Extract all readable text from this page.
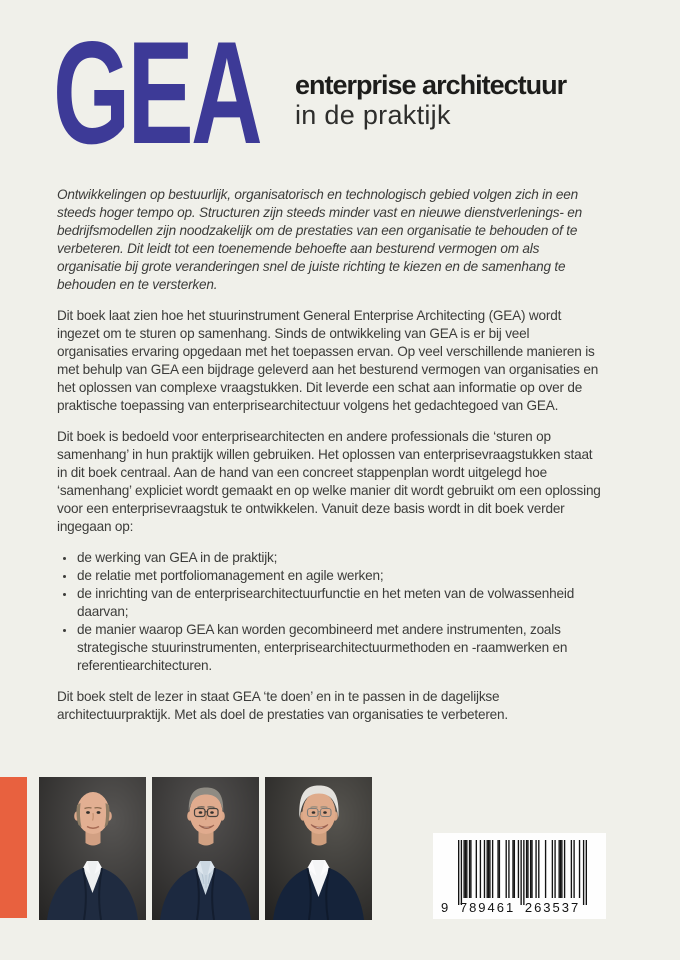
GEA enterprise architectuur
in de praktijk

Ontwikkelingen op bestuurlijk, organisatorisch en technologisch gebied volgen zich in een steeds hoger tempo op. Structuren zijn steeds minder vast en nieuwe dienstverlenings- en bedrijfsmodellen zijn noodzakelijk om de prestaties van een organisatie te behouden of te verbeteren. Dit leidt tot een toenemende behoefte aan besturend vermogen om als organisatie bij grote veranderingen snel de juiste richting te kiezen en de samenhang te behouden en te versterken.

Dit boek laat zien hoe het stuurinstrument General Enterprise Architecting (GEA) wordt ingezet om te sturen op samenhang. Sinds de ontwikkeling van GEA is er bij veel organisaties ervaring opgedaan met het toepassen ervan. Op veel verschillende manieren is met behulp van GEA een bijdrage geleverd aan het besturend vermogen van organisaties en het oplossen van complexe vraagstukken. Dit leverde een schat aan informatie op over de praktische toepassing van enterprisearchitectuur volgens het gedachtegoed van GEA.

Dit boek is bedoeld voor enterprisearchitecten en andere professionals die ‘sturen op samenhang’ in hun praktijk willen gebruiken. Het oplossen van enterprisevraagstukken staat in dit boek centraal. Aan de hand van een concreet stappenplan wordt uitgelegd hoe ‘samenhang’ expliciet wordt gemaakt en op welke manier dit wordt gebruikt om een oplossing voor een enterprisevraagstuk te ontwikkelen. Vanuit deze basis wordt in dit boek verder ingegaan op:

de werking van GEA in de praktijk;
de relatie met portfoliomanagement en agile werken;
de inrichting van de enterprisearchitectuurfunctie en het meten van de volwassenheid daarvan;
de manier waarop GEA kan worden gecombineerd met andere instrumenten, zoals strategische stuurinstrumenten, enterprisearchitectuurmethoden en -raamwerken en referentiearchitecturen.

Dit boek stelt de lezer in staat GEA ‘te doen’ en in te passen in de dagelijkse architectuurpraktijk. Met als doel de prestaties van organisaties te verbeteren.

9 789461 263537
